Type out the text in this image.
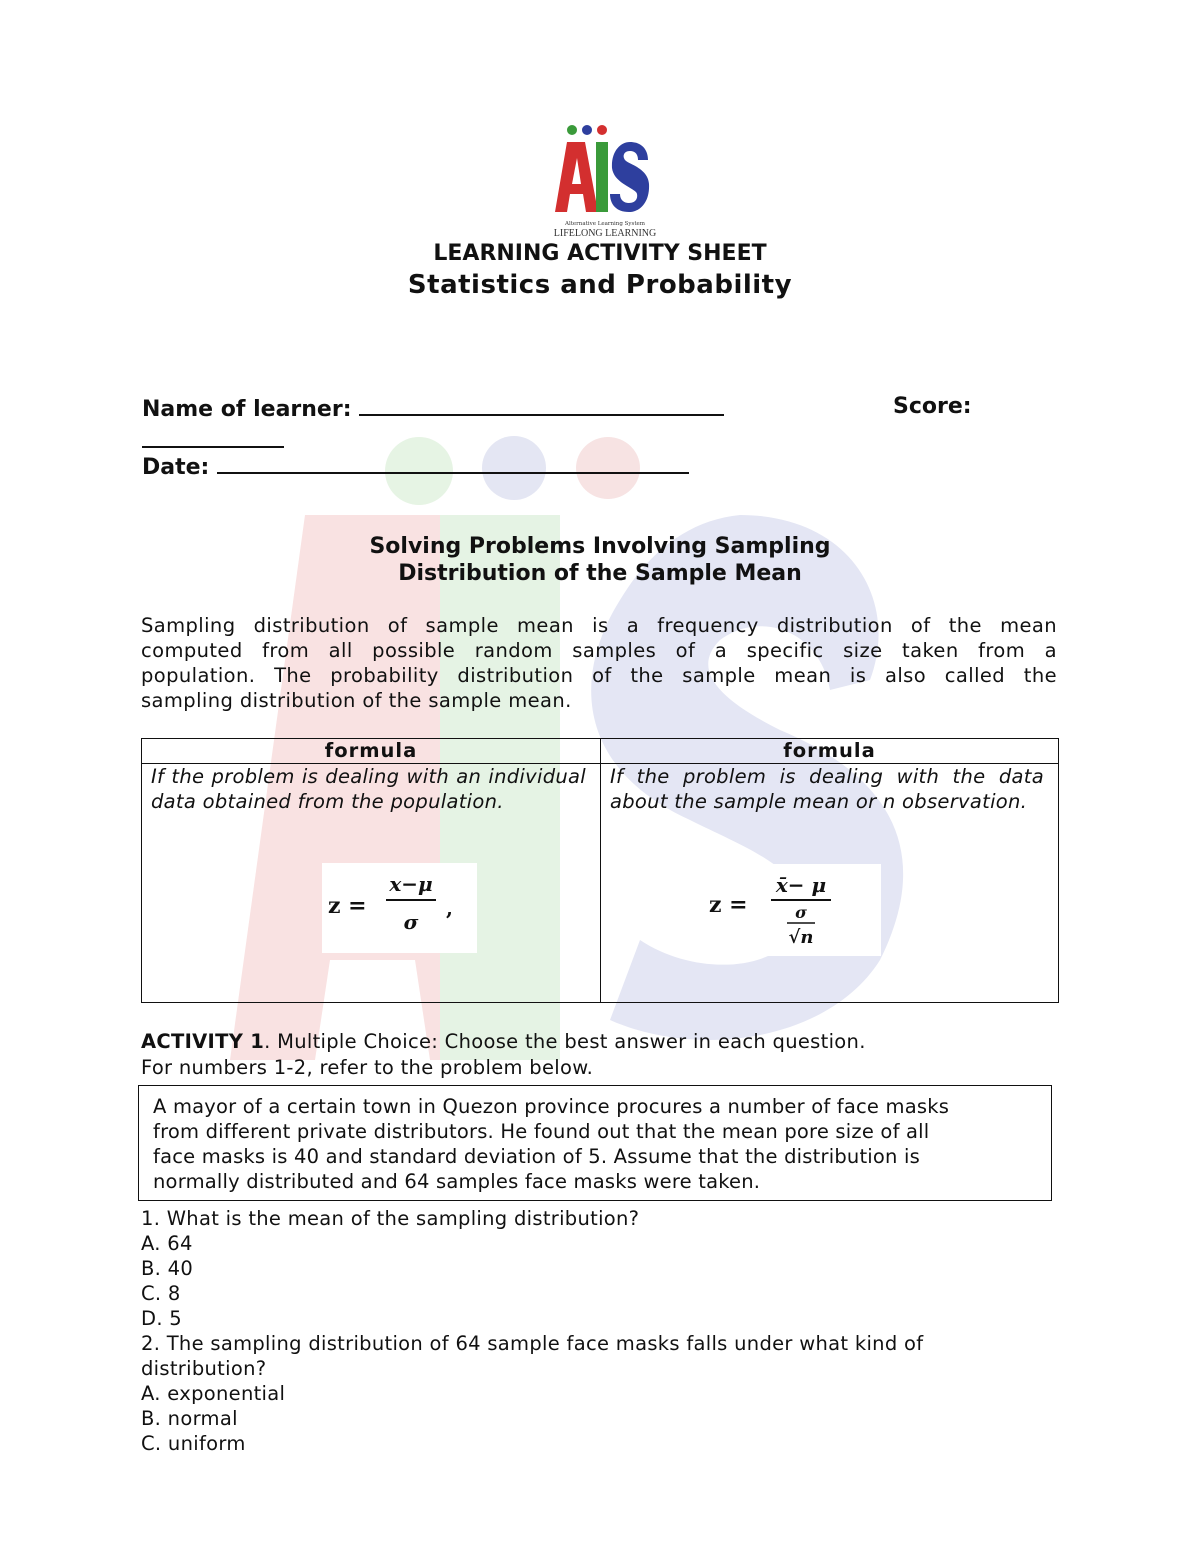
Alternative Learning System
LIFELONG LEARNING
LEARNING ACTIVITY SHEET
Statistics and Probability
Name of learner:	Score:
Date:
Solving Problems Involving Sampling
Distribution of the Sample Mean
Sampling distribution of sample mean is a frequency distribution of the mean
computed from all possible random samples of a specific size taken from a
population. The probability distribution of the sample mean is also called the
sampling distribution of the sample mean.
formula	formula

If the problem is dealing with an individual data obtained from the population.	If the problem is dealing with the data about the sample mean or n observation.
z =
x−μ
σ
,	z =
x̄− μ
σ
√n
ACTIVITY 1. Multiple Choice: Choose the best answer in each question.
For numbers 1-2, refer to the problem below.
A mayor of a certain town in Quezon province procures a number of face masks
from different private distributors. He found out that the mean pore size of all
face masks is 40 and standard deviation of 5. Assume that the distribution is
normally distributed and 64 samples face masks were taken.
1. What is the mean of the sampling distribution?
A. 64
B. 40
C. 8
D. 5
2. The sampling distribution of 64 sample face masks falls under what kind of
distribution?
A. exponential
B. normal
C. uniform
